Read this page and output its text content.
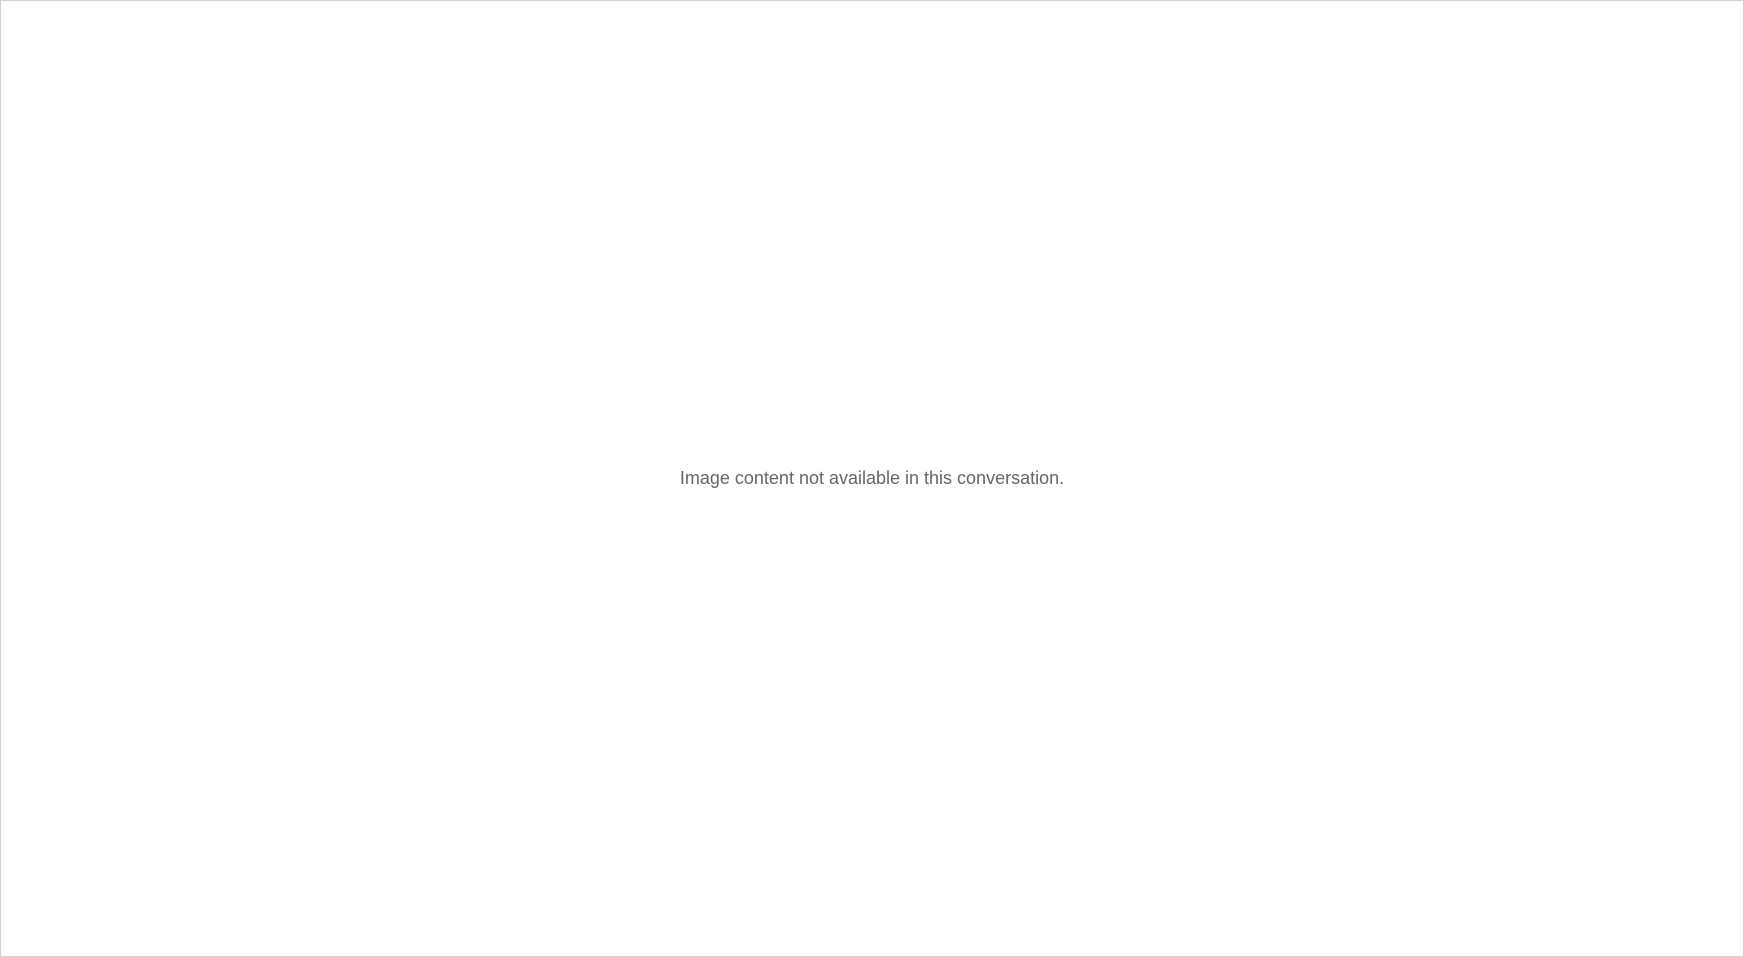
Image content not available in this conversation.
